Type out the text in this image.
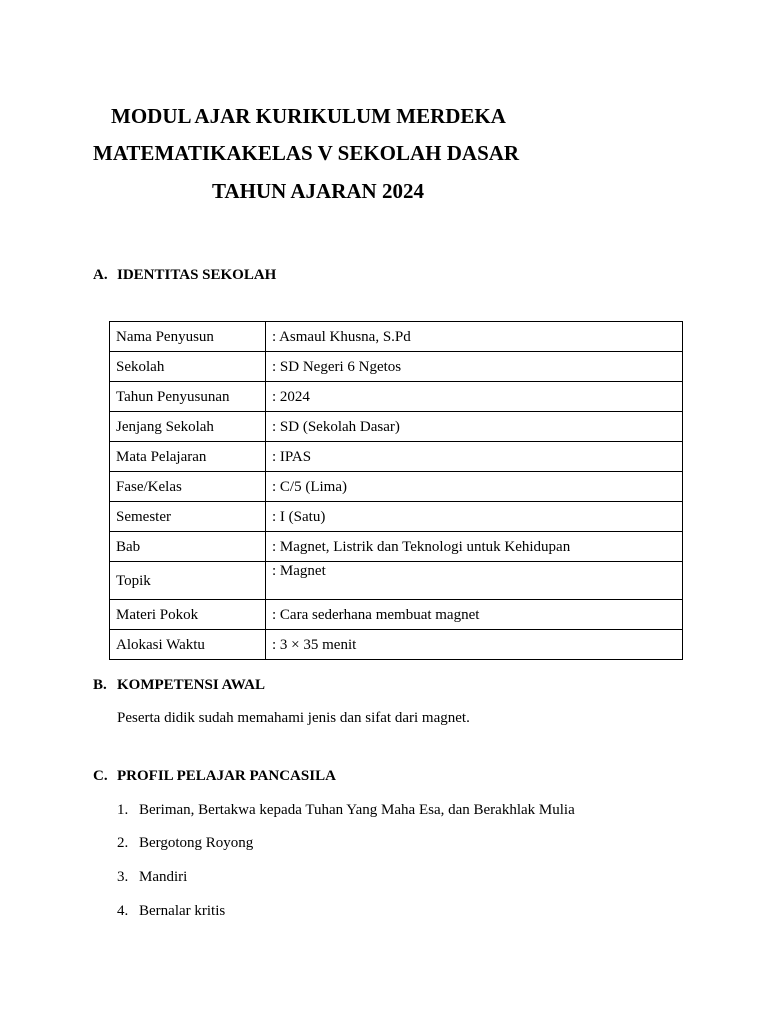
MODUL AJAR KURIKULUM MERDEKA
MATEMATIKAKELAS V SEKOLAH DASAR
TAHUN AJARAN 2024
A. IDENTITAS SEKOLAH
Nama Penyusun	: Asmaul Khusna, S.Pd
Sekolah	: SD Negeri 6 Ngetos
Tahun Penyusunan	: 2024
Jenjang Sekolah	: SD (Sekolah Dasar)
Mata Pelajaran	: IPAS
Fase/Kelas	: C/5 (Lima)
Semester	: I (Satu)
Bab	: Magnet, Listrik dan Teknologi untuk Kehidupan
Topik	: Magnet
Materi Pokok	: Cara sederhana membuat magnet
Alokasi Waktu	: 3 × 35 menit
B. KOMPETENSI AWAL
Peserta didik sudah memahami jenis dan sifat dari magnet.
C. PROFIL PELAJAR PANCASILA
1. Beriman, Bertakwa kepada Tuhan Yang Maha Esa, dan Berakhlak Mulia
2. Bergotong Royong
3. Mandiri
4. Bernalar kritis
